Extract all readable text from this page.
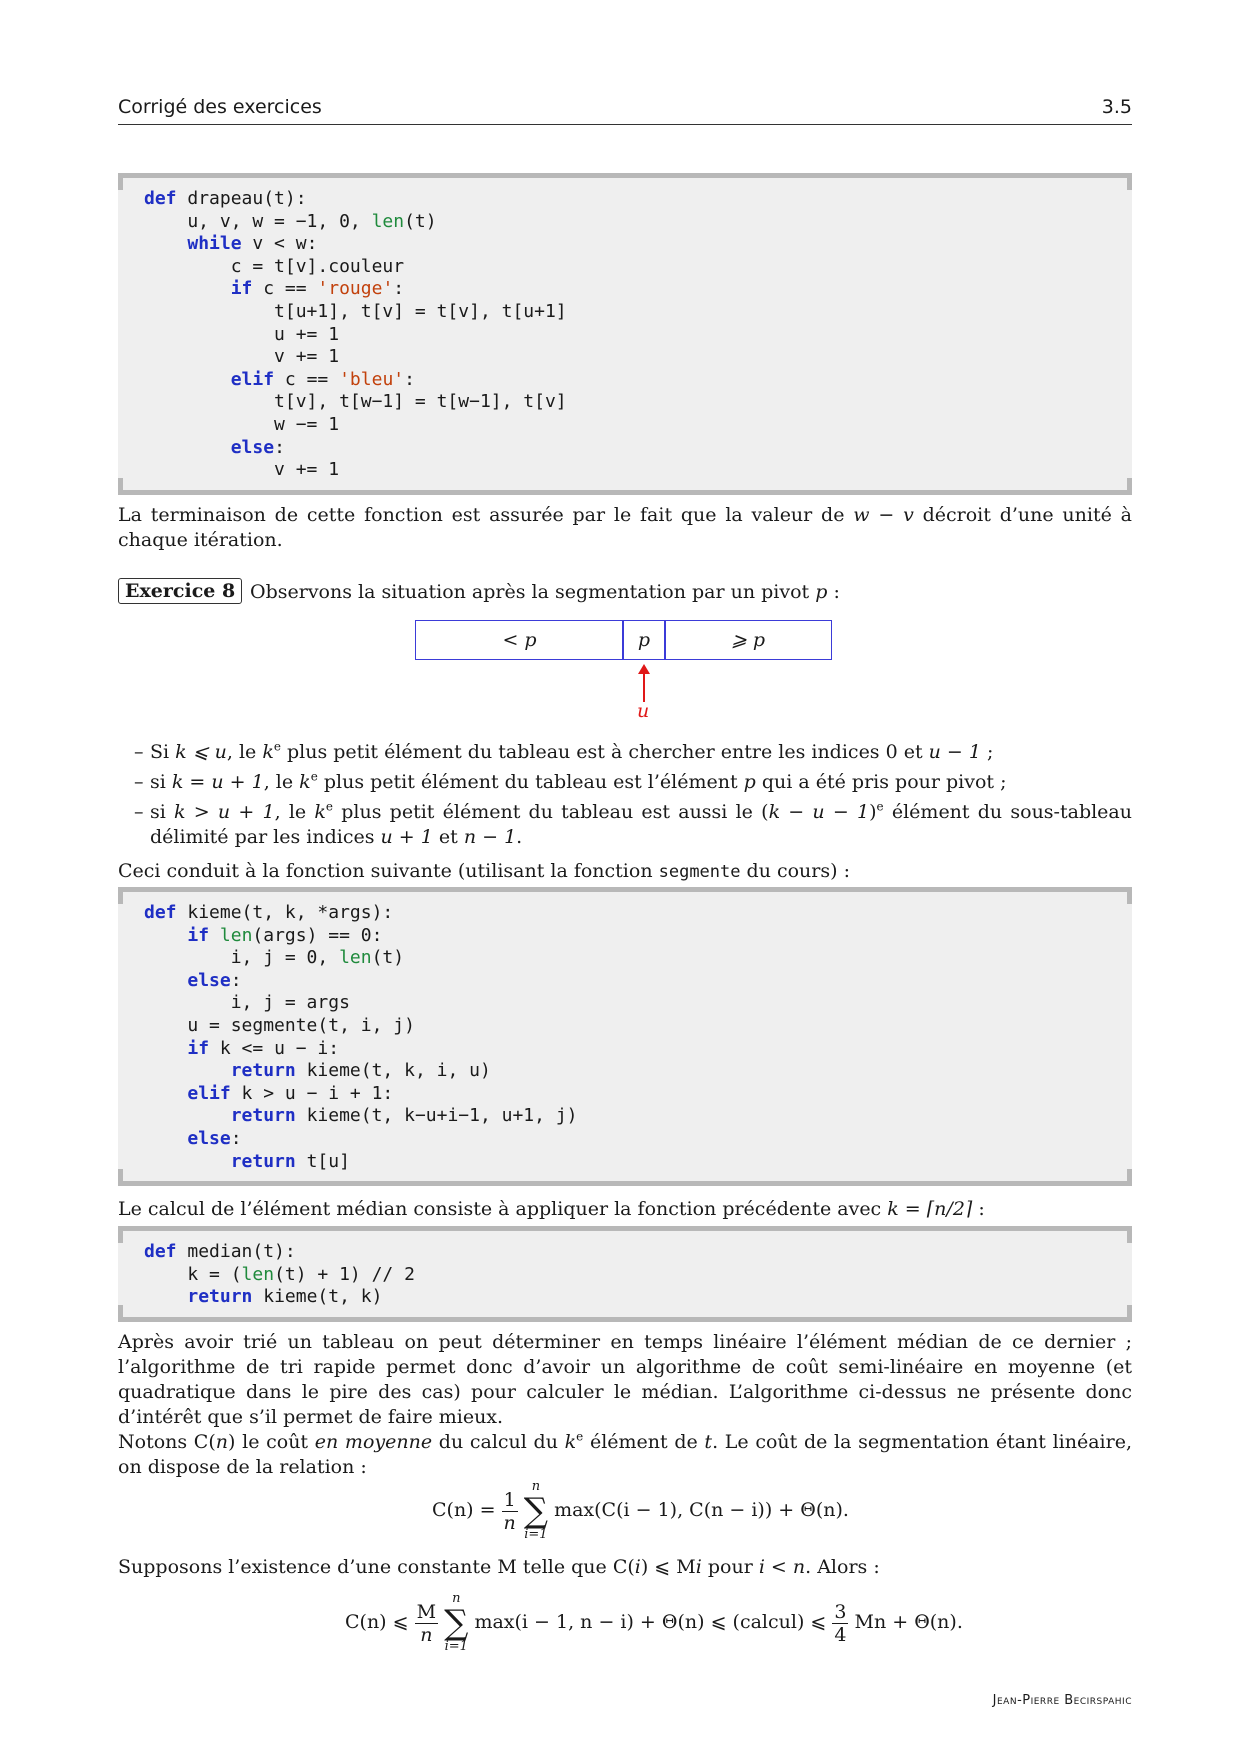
Corrigé des exercices	3.5
def drapeau(t):
u, v, w = −1, 0, len(t)
while v < w:
c = t[v].couleur
if c == 'rouge':
t[u+1], t[v] = t[v], t[u+1]
u += 1
v += 1
elif c == 'bleu':
t[v], t[w−1] = t[w−1], t[v]
w −= 1
else:
v += 1
La terminaison de cette fonction est assurée par le fait que la valeur de w − v décroit d’une unité à chaque itération.
Exercice 8 Observons la situation après la segmentation par un pivot p :
< p	p	⩾ p
u
– Si k ⩽ u, le $k^e$ plus petit élément du tableau est à chercher entre les indices 0 et u − 1 ;
– si k = u + 1, le $k^e$ plus petit élément du tableau est l’élément p qui a été pris pour pivot ;
– si k > u + 1, le $k^e$ plus petit élément du tableau est aussi le $(k - u - 1)^e$ élément du sous-tableau délimité par les indices u + 1 et n − 1.
Ceci conduit à la fonction suivante (utilisant la fonction segmente du cours) :
def kieme(t, k, *args):
if len(args) == 0:
i, j = 0, len(t)
else:
i, j = args
u = segmente(t, i, j)
if k <= u − i:
return kieme(t, k, i, u)
elif k > u − i + 1:
return kieme(t, k−u+i−1, u+1, j)
else:
return t[u]
Le calcul de l’élément médian consiste à appliquer la fonction précédente avec k = ⌈n/2⌉ :
def median(t):
k = (len(t) + 1) // 2
return kieme(t, k)
Après avoir trié un tableau on peut déterminer en temps linéaire l’élément médian de ce dernier ; l’algorithme de tri rapide permet donc d’avoir un algorithme de coût semi-linéaire en moyenne (et quadratique dans le pire des cas) pour calculer le médian. L’algorithme ci-dessus ne présente donc d’intérêt que s’il permet de faire mieux.
Notons C(n) le coût en moyenne du calcul du $k^e$ élément de t. Le coût de la segmentation étant linéaire, on dispose de la relation :
$C(n) = \frac{1}{n}$

n
∑
i=1
max(C(i − 1), C(n − i)) + Θ(n).
Supposons l’existence d’une constante M telle que C(i) ⩽ Mi pour i < n. Alors :
C(n) ⩽ $\frac{M}{n}$

n
∑
i=1
max(i − 1, n − i) + Θ(n) ⩽ (calcul) ⩽ $\frac{3}{4}$ Mn + Θ(n).
Jean-Pierre Becirspahic
